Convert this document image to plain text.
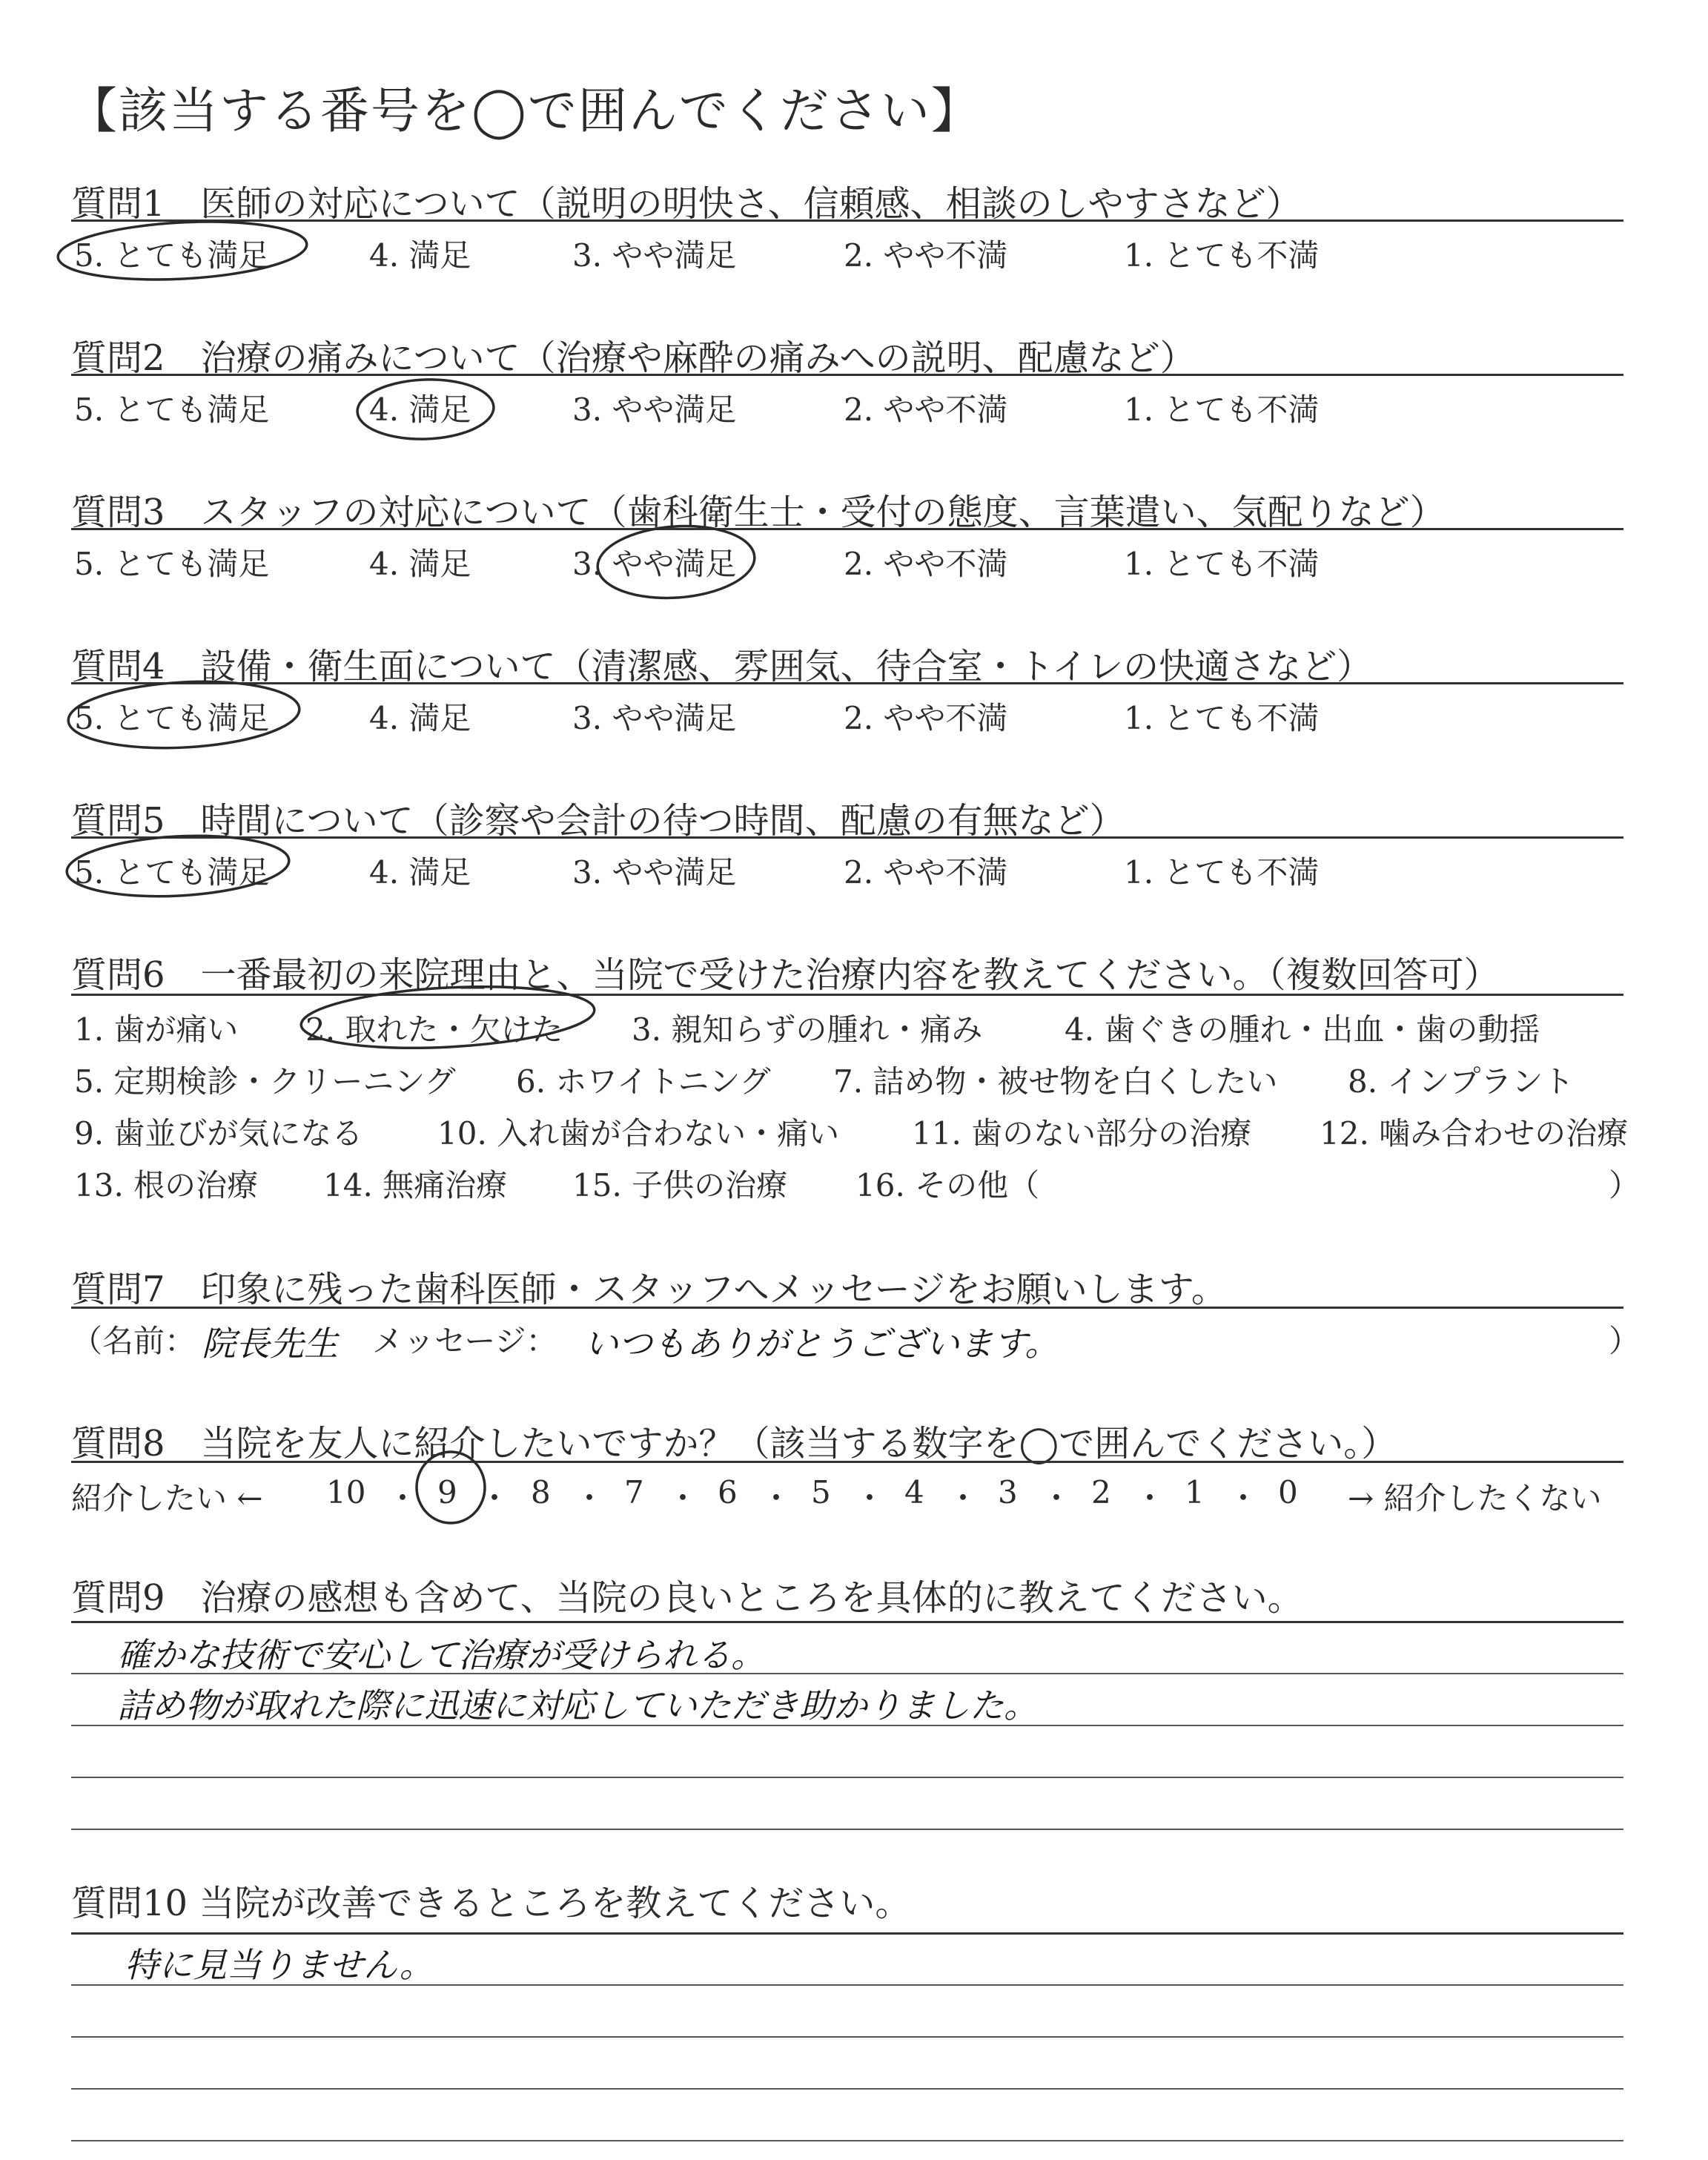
【該当する番号を◯で囲んでください】
質問1　医師の対応について（説明の明快さ、信頼感、相談のしやすさなど）
5. とても満足	4. 満足	3. やや満足	2. やや不満	1. とても不満
質問2　治療の痛みについて（治療や麻酔の痛みへの説明、配慮など）
5. とても満足	4. 満足	3. やや満足	2. やや不満	1. とても不満
質問3　スタッフの対応について（歯科衛生士・受付の態度、言葉遣い、気配りなど）
5. とても満足	4. 満足	3. やや満足	2. やや不満	1. とても不満
質問4　設備・衛生面について（清潔感、雰囲気、待合室・トイレの快適さなど）
5. とても満足	4. 満足	3. やや満足	2. やや不満	1. とても不満
質問5　時間について（診察や会計の待つ時間、配慮の有無など）
5. とても満足	4. 満足	3. やや満足	2. やや不満	1. とても不満
質問6　一番最初の来院理由と、当院で受けた治療内容を教えてください。（複数回答可）
1. 歯が痛い 2. 取れた・欠けた 3. 親知らずの腫れ・痛み	4. 歯ぐきの腫れ・出血・歯の動揺
5. 定期検診・クリーニング 6. ホワイトニング 7. 詰め物・被せ物を白くしたい 8. インプラント
9. 歯並びが気になる 10. 入れ歯が合わない・痛い 11. 歯のない部分の治療 12. 噛み合わせの治療
13. 根の治療 14. 無痛治療 15. 子供の治療 16. その他（	）
質問7　印象に残った歯科医師・スタッフへメッセージをお願いします。
（名前： 院長先生 メッセージ： いつもありがとうございます。	）
質問8　当院を友人に紹介したいですか？（該当する数字を◯で囲んでください。）
紹介したい ←	→ 紹介したくない
10 ・ 9 ・ 8 ・ 7 ・ 6 ・ 5 ・ 4 ・ 3 ・ 2 ・ 1 ・ 0
質問9　治療の感想も含めて、当院の良いところを具体的に教えてください。
確かな技術で安心して治療が受けられる。
詰め物が取れた際に迅速に対応していただき助かりました。
質問10 当院が改善できるところを教えてください。
特に見当りません。
